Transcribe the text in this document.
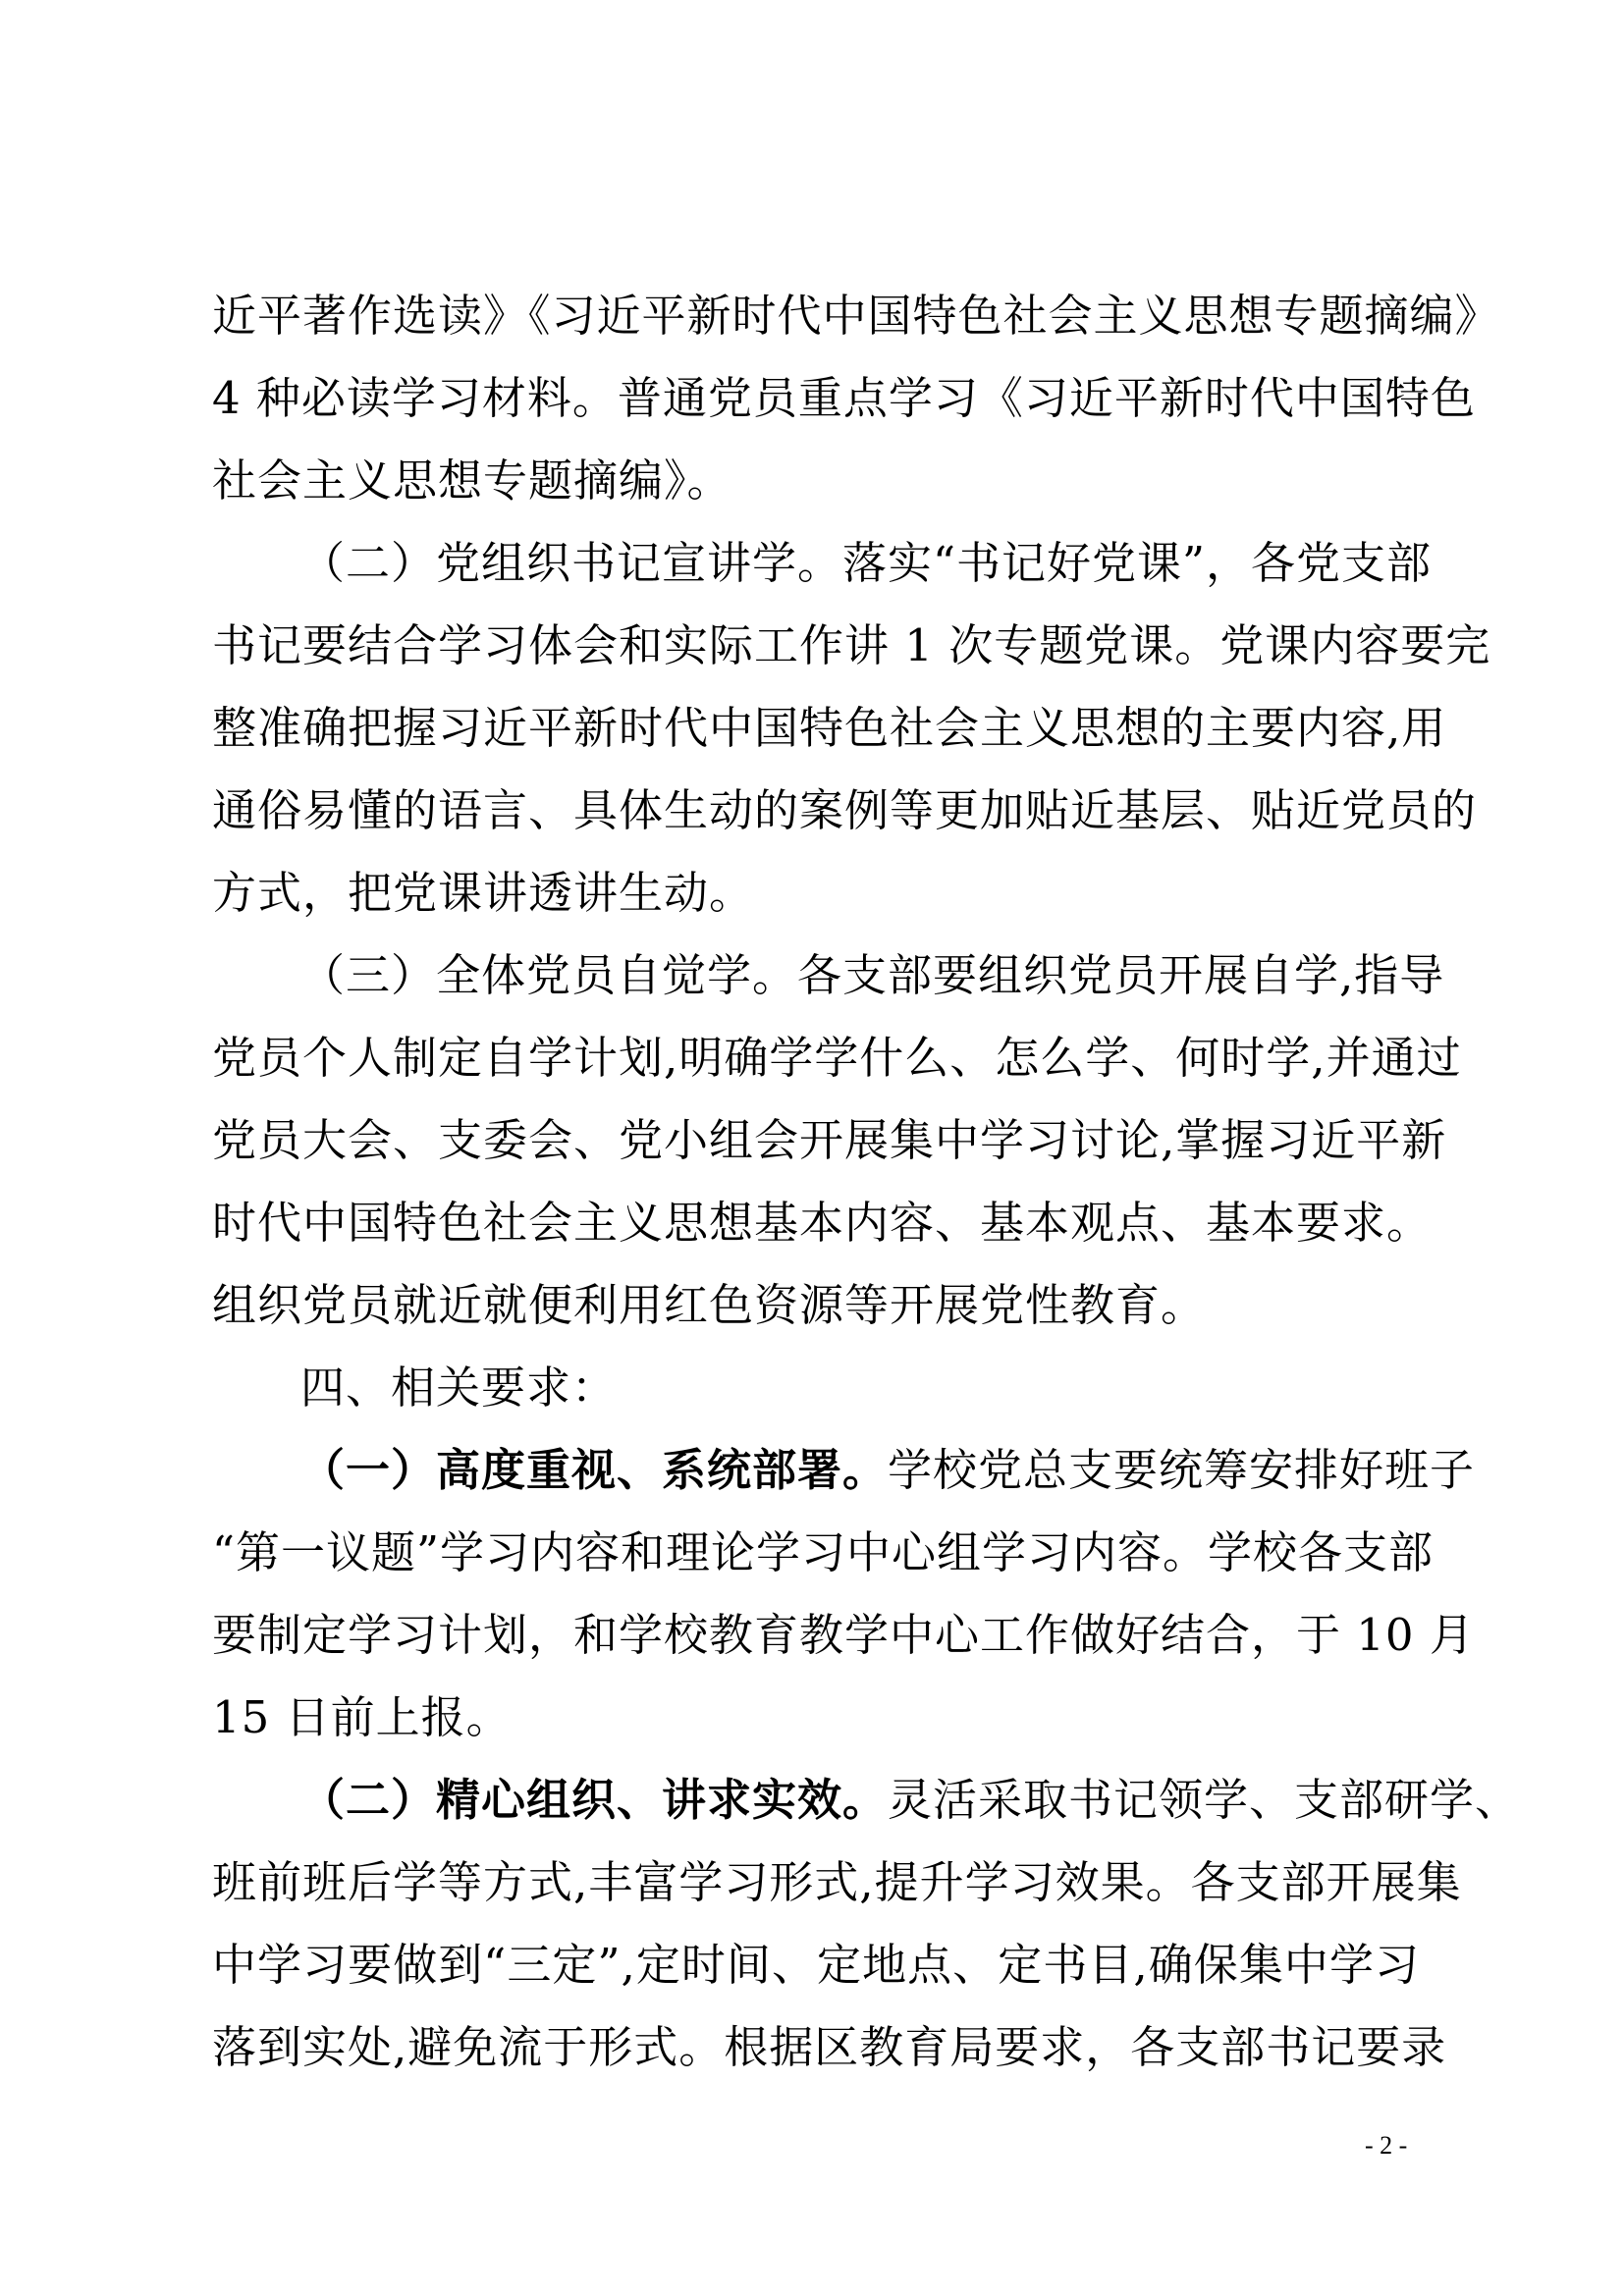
近平著作选读》《习近平新时代中国特色社会主义思想专题摘编》
4 种必读学习材料。普通党员重点学习《习近平新时代中国特色
社会主义思想专题摘编》。
（二）党组织书记宣讲学。落实“书记好党课”，各党支部
书记要结合学习体会和实际工作讲 1 次专题党课。党课内容要完
整准确把握习近平新时代中国特色社会主义思想的主要内容,用
通俗易懂的语言、具体生动的案例等更加贴近基层、贴近党员的
方式，把党课讲透讲生动。
（三）全体党员自觉学。各支部要组织党员开展自学,指导
党员个人制定自学计划,明确学学什么、怎么学、何时学,并通过
党员大会、支委会、党小组会开展集中学习讨论,掌握习近平新
时代中国特色社会主义思想基本内容、基本观点、基本要求。
组织党员就近就便利用红色资源等开展党性教育。
四、相关要求：
（一）高度重视、系统部署。学校党总支要统筹安排好班子
“第一议题”学习内容和理论学习中心组学习内容。学校各支部
要制定学习计划，和学校教育教学中心工作做好结合，于 10 月
15 日前上报。
（二）精心组织、讲求实效。灵活采取书记领学、支部研学、
班前班后学等方式,丰富学习形式,提升学习效果。各支部开展集
中学习要做到“三定”,定时间、定地点、定书目,确保集中学习
落到实处,避免流于形式。根据区教育局要求，各支部书记要录
- 2 -
